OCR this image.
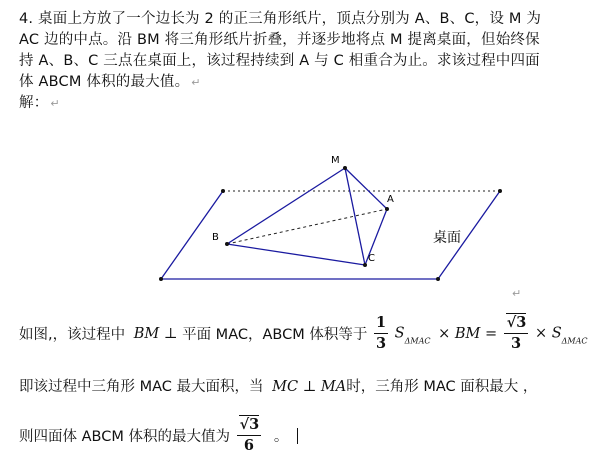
4. 桌面上方放了一个边长为 2 的正三角形纸片，顶点分别为 A、B、C，设 M 为
AC 边的中点。沿 BM 将三角形纸片折叠，并逐步地将点 M 提离桌面，但始终保
持 A、B、C 三点在桌面上，该过程持续到 A 与 C 相重合为止。求该过程中四面
体 ABCM 体积的最大值。 ↵
解： ↵
M
A
B
C
桌面
↵
如图,，该过程中 BM ⊥ 平面 MAC，ABCM 体积等于 $\frac{1}{3} S_{\Delta MAC}$ × BM = $\frac{√3}{3} \times S_{\Delta MAC}$
即该过程中三角形 MAC 最大面积，当 MC ⊥ MA时，三角形 MAC 面积最大 ，
则四面体 ABCM 体积的最大值为 $\frac{√3}{6}$ 。
